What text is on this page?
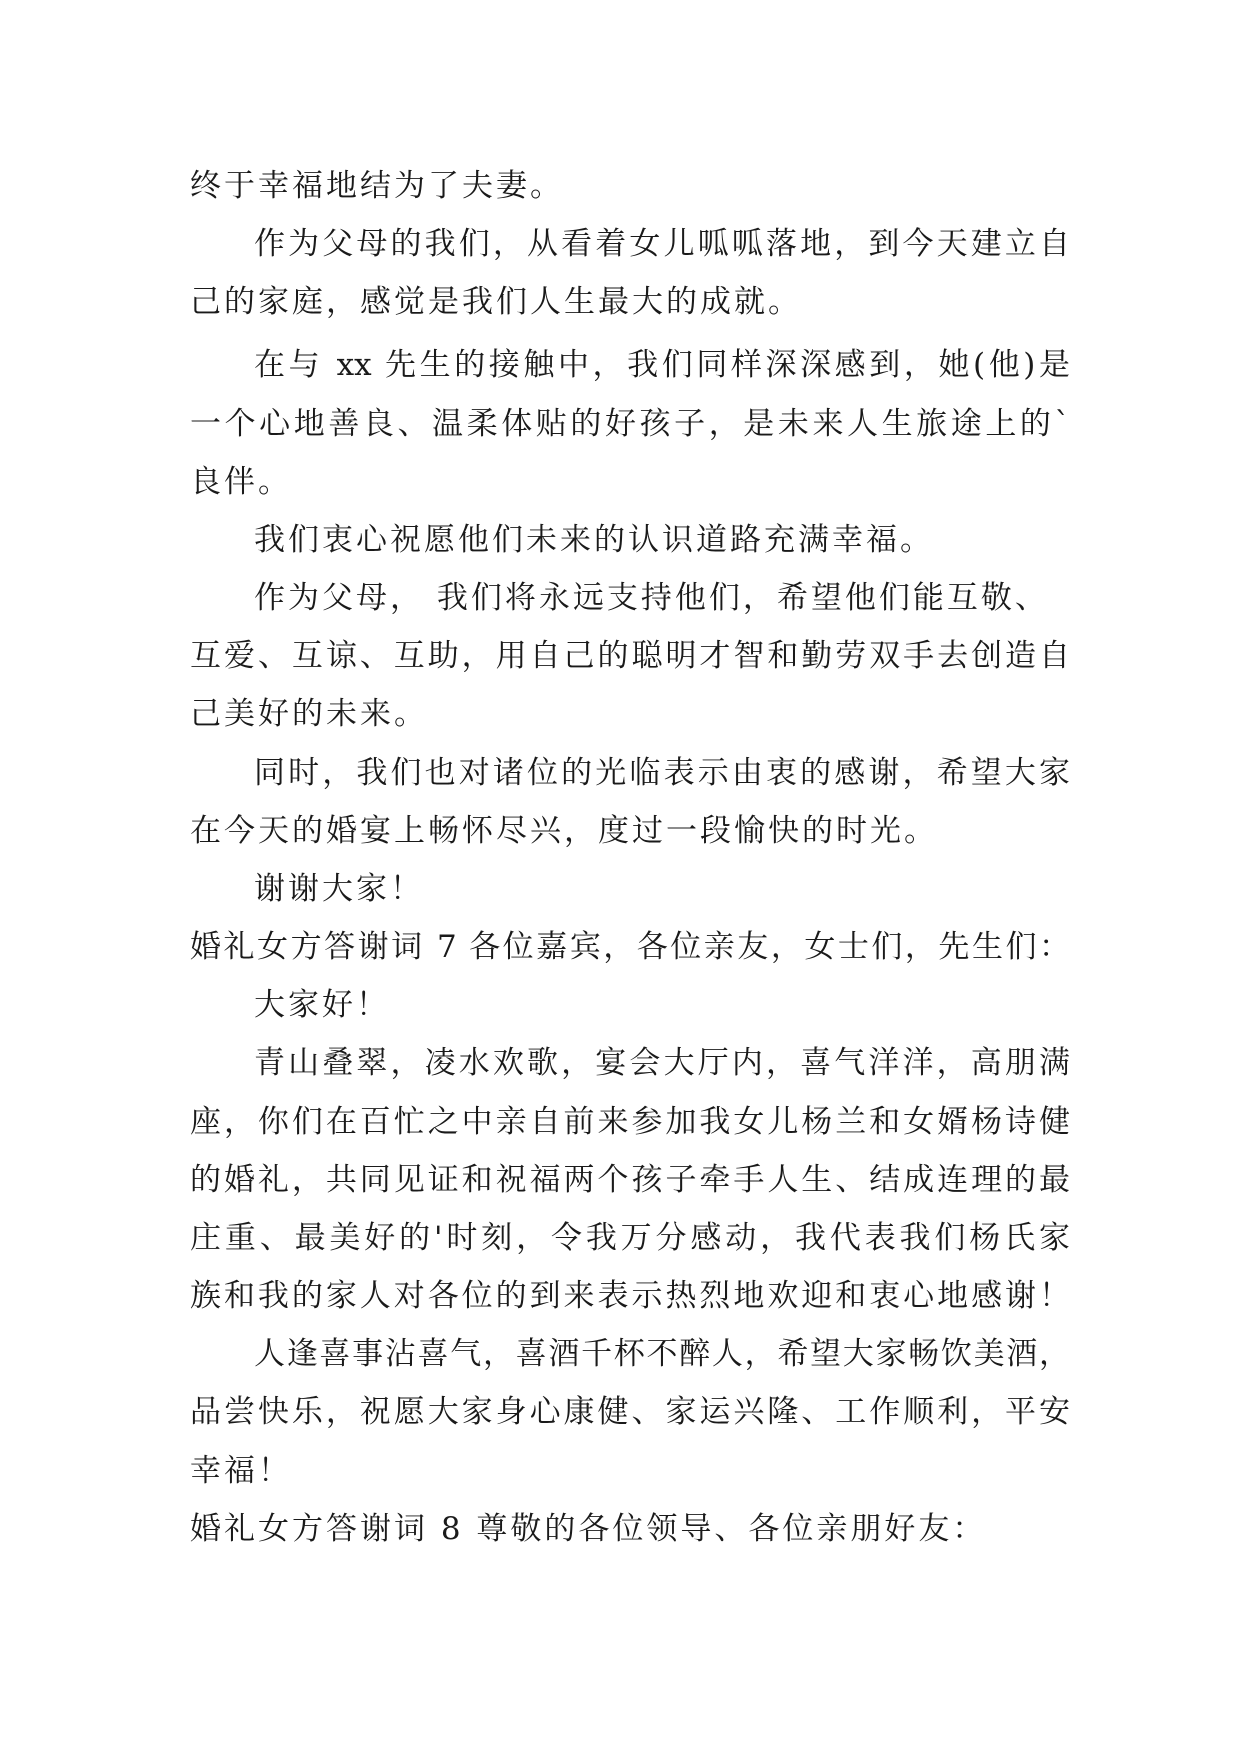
终于幸福地结为了夫妻。
作为父母的我们，从看着女儿呱呱落地，到今天建立自
己的家庭，感觉是我们人生最大的成就。
在与 xx 先生的接触中，我们同样深深感到，她(他)是
一个心地善良、温柔体贴的好孩子，是未来人生旅途上的`
良伴。
我们衷心祝愿他们未来的认识道路充满幸福。
作为父母， 我们将永远支持他们，希望他们能互敬、
互爱、互谅、互助，用自己的聪明才智和勤劳双手去创造自
己美好的未来。
同时，我们也对诸位的光临表示由衷的感谢，希望大家
在今天的婚宴上畅怀尽兴，度过一段愉快的时光。
谢谢大家！
婚礼女方答谢词 7 各位嘉宾，各位亲友，女士们，先生们：
大家好！
青山叠翠，凌水欢歌，宴会大厅内，喜气洋洋，高朋满
座，你们在百忙之中亲自前来参加我女儿杨兰和女婿杨诗健
的婚礼，共同见证和祝福两个孩子牵手人生、结成连理的最
庄重、最美好的'时刻，令我万分感动，我代表我们杨氏家
族和我的家人对各位的到来表示热烈地欢迎和衷心地感谢！
人逢喜事沾喜气，喜酒千杯不醉人，希望大家畅饮美酒，
品尝快乐，祝愿大家身心康健、家运兴隆、工作顺利，平安
幸福！
婚礼女方答谢词 8 尊敬的各位领导、各位亲朋好友：
